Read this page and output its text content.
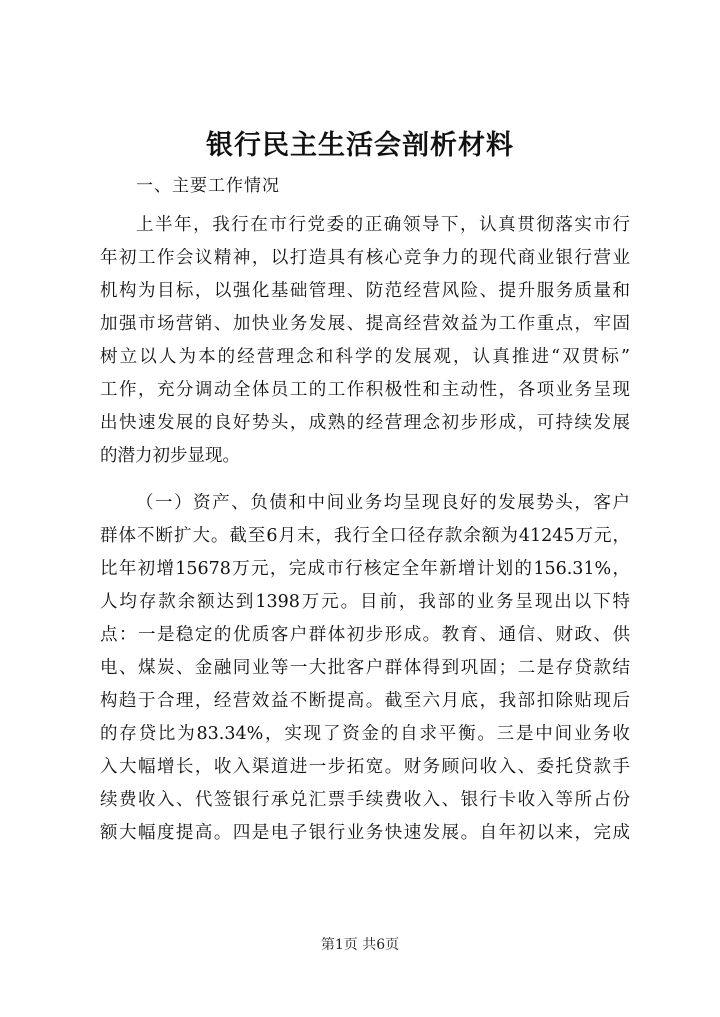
银行民主生活会剖析材料
一、主要工作情况
上半年，我行在市行党委的正确领导下，认真贯彻落实市行
年初工作会议精神，以打造具有核心竞争力的现代商业银行营业
机构为目标，以强化基础管理、防范经营风险、提升服务质量和
加强市场营销、加快业务发展、提高经营效益为工作重点，牢固
树立以人为本的经营理念和科学的发展观，认真推进“双贯标”
工作，充分调动全体员工的工作积极性和主动性，各项业务呈现
出快速发展的良好势头，成熟的经营理念初步形成，可持续发展
的潜力初步显现。
（一）资产、负债和中间业务均呈现良好的发展势头，客户
群体不断扩大。截至6月末，我行全口径存款余额为41245万元，
比年初增15678万元，完成市行核定全年新增计划的156.31%，
人均存款余额达到1398万元。目前，我部的业务呈现出以下特
点：一是稳定的优质客户群体初步形成。教育、通信、财政、供
电、煤炭、金融同业等一大批客户群体得到巩固；二是存贷款结
构趋于合理，经营效益不断提高。截至六月底，我部扣除贴现后
的存贷比为83.34%，实现了资金的自求平衡。三是中间业务收
入大幅增长，收入渠道进一步拓宽。财务顾问收入、委托贷款手
续费收入、代签银行承兑汇票手续费收入、银行卡收入等所占份
额大幅度提高。四是电子银行业务快速发展。自年初以来，完成
第1页 共6页
